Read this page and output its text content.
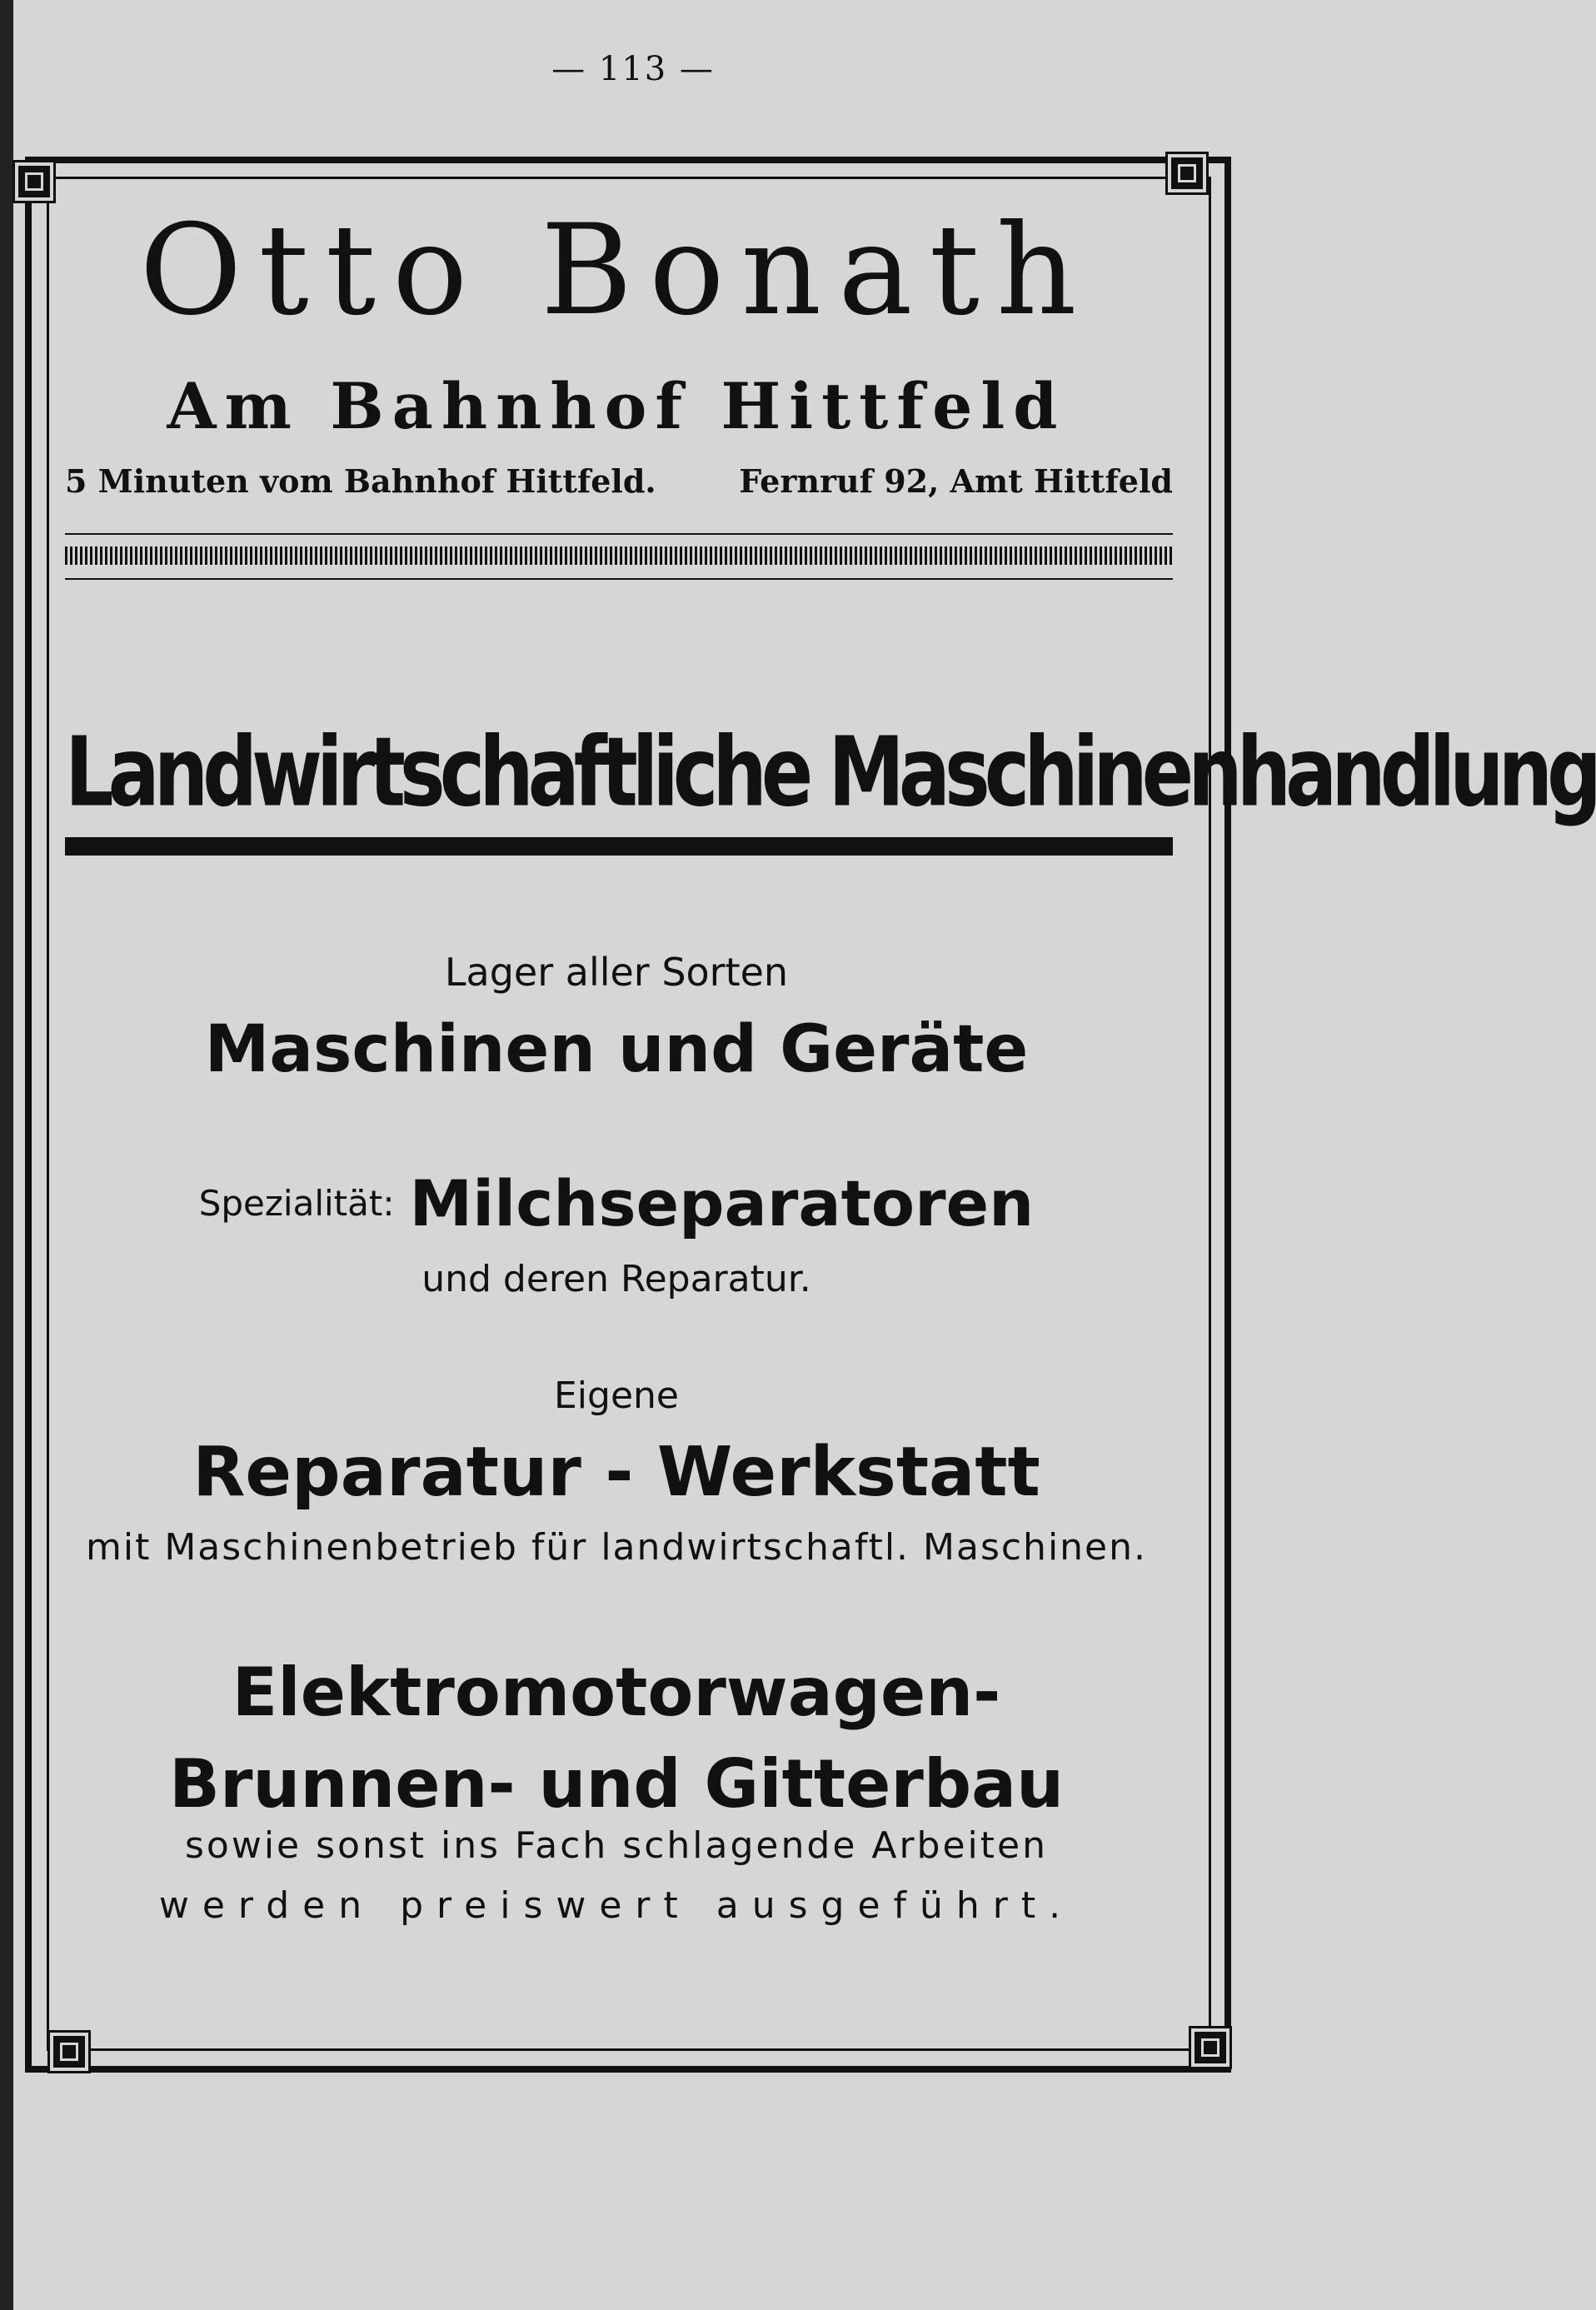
— 113 —
Otto Bonath
Am Bahnhof Hittfeld
5 Minuten vom Bahnhof Hittfeld.	Fernruf 92, Amt Hittfeld
Landwirtschaftliche Maschinenhandlung
Lager aller Sorten
Maschinen und Geräte
Spezialität: Milchseparatoren
und deren Reparatur.
Eigene
Reparatur - Werkstatt
mit Maschinenbetrieb für landwirtschaftl. Maschinen.
Elektromotorwagen-
Brunnen- und Gitterbau
sowie sonst ins Fach schlagende Arbeiten
werden preiswert ausgeführt.
